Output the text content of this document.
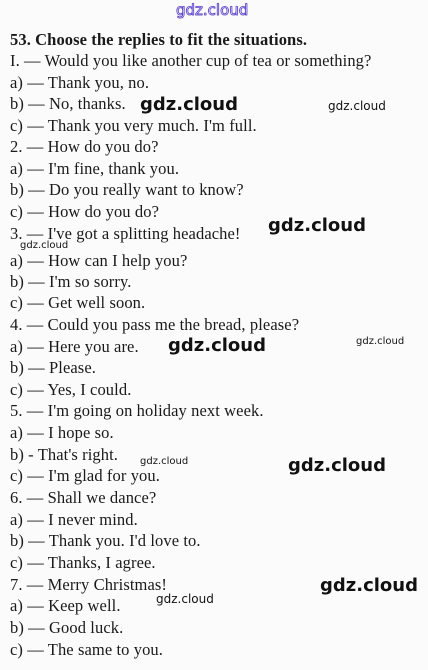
gdz.cloud
53. Choose the replies to fit the situations.
I. — Would you like another cup of tea or something?
a) — Thank you, no.
b) — No, thanks.
c) — Thank you very much. I'm full.
2. — How do you do?
a) — I'm fine, thank you.
b) — Do you really want to know?
c) — How do you do?
3. — I've got a splitting headache!
a) — How can I help you?
b) — I'm so sorry.
c) — Get well soon.
4. — Could you pass me the bread, please?
a) — Here you are.
b) — Please.
c) — Yes, I could.
5. — I'm going on holiday next week.
a) — I hope so.
b) - That's right.
c) — I'm glad for you.
6. — Shall we dance?
a) — I never mind.
b) — Thank you. I'd love to.
c) — Thanks, I agree.
7. — Merry Christmas!
a) — Keep well.
b) — Good luck.
c) — The same to you.
gdz.cloud	gdz.cloud
gdz.cloud
gdz.cloud
gdz.cloud	gdz.cloud
gdz.cloud	gdz.cloud
gdz.cloud
gdz.cloud
